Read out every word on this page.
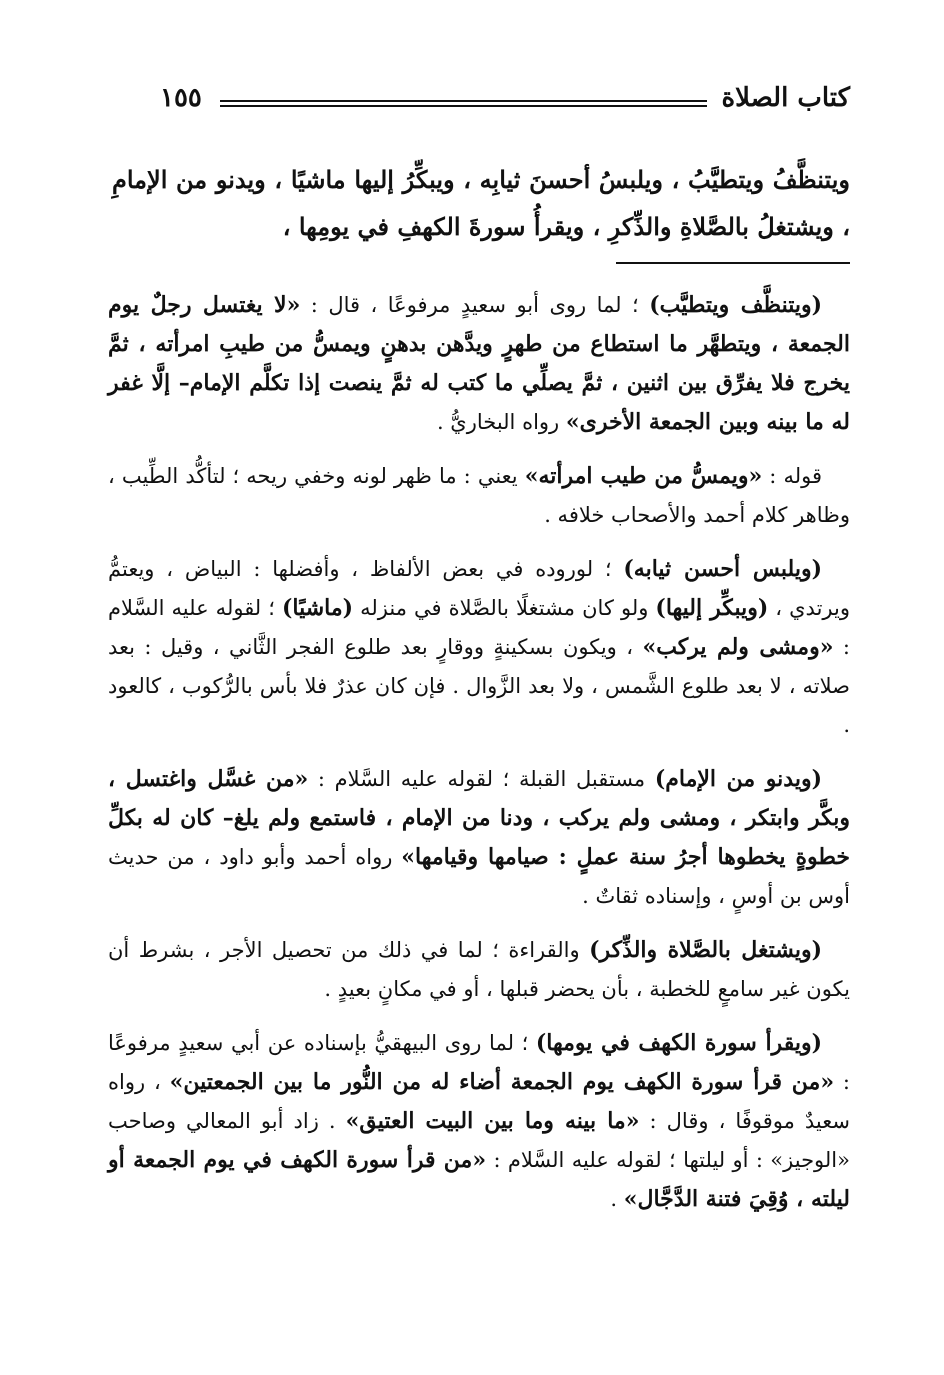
كتاب الصلاة
١٥٥
ويتنظَّفُ ويتطيَّبُ ، ويلبسُ أحسنَ ثيابِه ، ويبكِّرُ إليها ماشيًا ، ويدنو من الإمامِ ، ويشتغلُ بالصَّلاةِ والذِّكرِ ، ويقرأُ سورةَ الكهفِ في يومِها ،

(ويتنظَّف ويتطيَّب) ؛ لما روى أبو سعيدٍ مرفوعًا ، قال : «لا يغتسل رجلٌ يوم الجمعة ، ويتطهَّر ما استطاع من طهرٍ ويدَّهن بدهنٍ ويمسُّ من طيبِ امرأته ، ثمَّ يخرج فلا يفرِّق بين اثنين ، ثمَّ يصلِّي ما كتب له ثمَّ ينصت إذا تكلَّم الإمام– إلَّا غفر له ما بينه وبين الجمعة الأخرى» رواه البخاريُّ .

قوله : «ويمسُّ من طيب امرأته» يعني : ما ظهر لونه وخفي ريحه ؛ لتأكُّد الطِّيب ، وظاهر كلام أحمد والأصحاب خلافه .

(ويلبس أحسن ثيابه) ؛ لوروده في بعض الألفاظ ، وأفضلها : البياض ، ويعتمُّ ويرتدي ، (ويبكِّر إليها) ولو كان مشتغلًا بالصَّلاة في منزله (ماشيًا) ؛ لقوله عليه السَّلام : «ومشى ولم يركب» ، ويكون بسكينةٍ ووقارٍ بعد طلوع الفجر الثَّاني ، وقيل : بعد صلاته ، لا بعد طلوع الشَّمس ، ولا بعد الزَّوال . فإن كان عذرٌ فلا بأس بالرُّكوب ، كالعود .

(ويدنو من الإمام) مستقبل القبلة ؛ لقوله عليه السَّلام : «من غسَّل واغتسل ، وبكَّر وابتكر ، ومشى ولم يركب ، ودنا من الإمام ، فاستمع ولم يلغ– كان له بكلِّ خطوةٍ يخطوها أجرُ سنة عملٍ : صيامها وقيامها» رواه أحمد وأبو داود ، من حديث أوس بن أوسٍ ، وإسناده ثقاتٌ .

(ويشتغل بالصَّلاة والذِّكر) والقراءة ؛ لما في ذلك من تحصيل الأجر ، بشرط أن يكون غير سامعٍ للخطبة ، بأن يحضر قبلها ، أو في مكانٍ بعيدٍ .

(ويقرأ سورة الكهف في يومها) ؛ لما روى البيهقيُّ بإسناده عن أبي سعيدٍ مرفوعًا : «من قرأ سورة الكهف يوم الجمعة أضاء له من النُّور ما بين الجمعتين» ، رواه سعيدٌ موقوفًا ، وقال : «ما بينه وما بين البيت العتيق» . زاد أبو المعالي وصاحب «الوجيز» : أو ليلتها ؛ لقوله عليه السَّلام : «من قرأ سورة الكهف في يوم الجمعة أو ليلته ، وُقِيَ فتنة الدَّجَّال» .
